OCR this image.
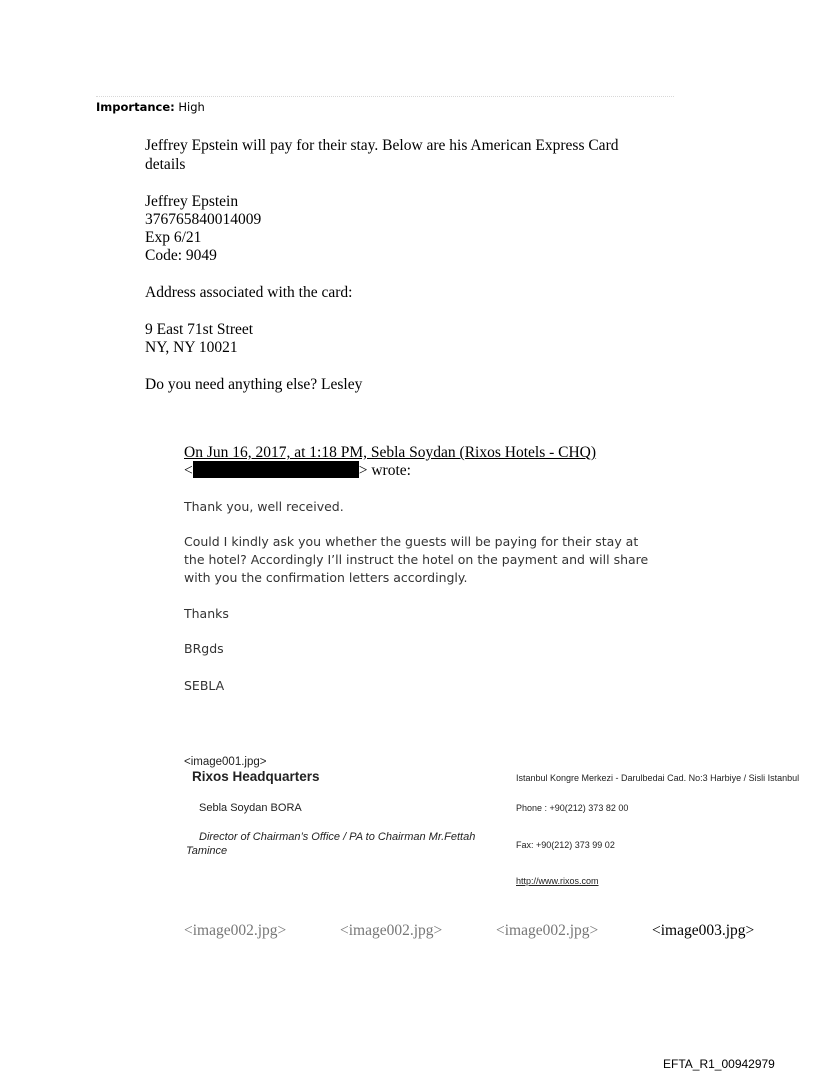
Importance: High
Jeffrey Epstein will pay for their stay. Below are his American Express Card
details
Jeffrey Epstein
376765840014009
Exp 6/21
Code: 9049
Address associated with the card:
9 East 71st Street
NY, NY 10021
Do you need anything else? Lesley
On Jun 16, 2017, at 1:18 PM, Sebla Soydan (Rixos Hotels - CHQ)
<	> wrote:
Thank you, well received.
Could I kindly ask you whether the guests will be paying for their stay at
the hotel? Accordingly I’ll instruct the hotel on the payment and will share
with you the confirmation letters accordingly.
Thanks
BRgds
SEBLA
<image001.jpg>
Rixos Headquarters	Istanbul Kongre Merkezi - Darulbedai Cad. No:3 Harbiye / Sisli Istanbul
Sebla Soydan BORA	Phone : +90(212) 373 82 00
Director of Chairman’s Office / PA to Chairman Mr.Fettah
Tamince	Fax: +90(212) 373 99 02
http://www.rixos.com
<image002.jpg>	<image002.jpg>	<image002.jpg>	<image003.jpg>
EFTA_R1_00942979
